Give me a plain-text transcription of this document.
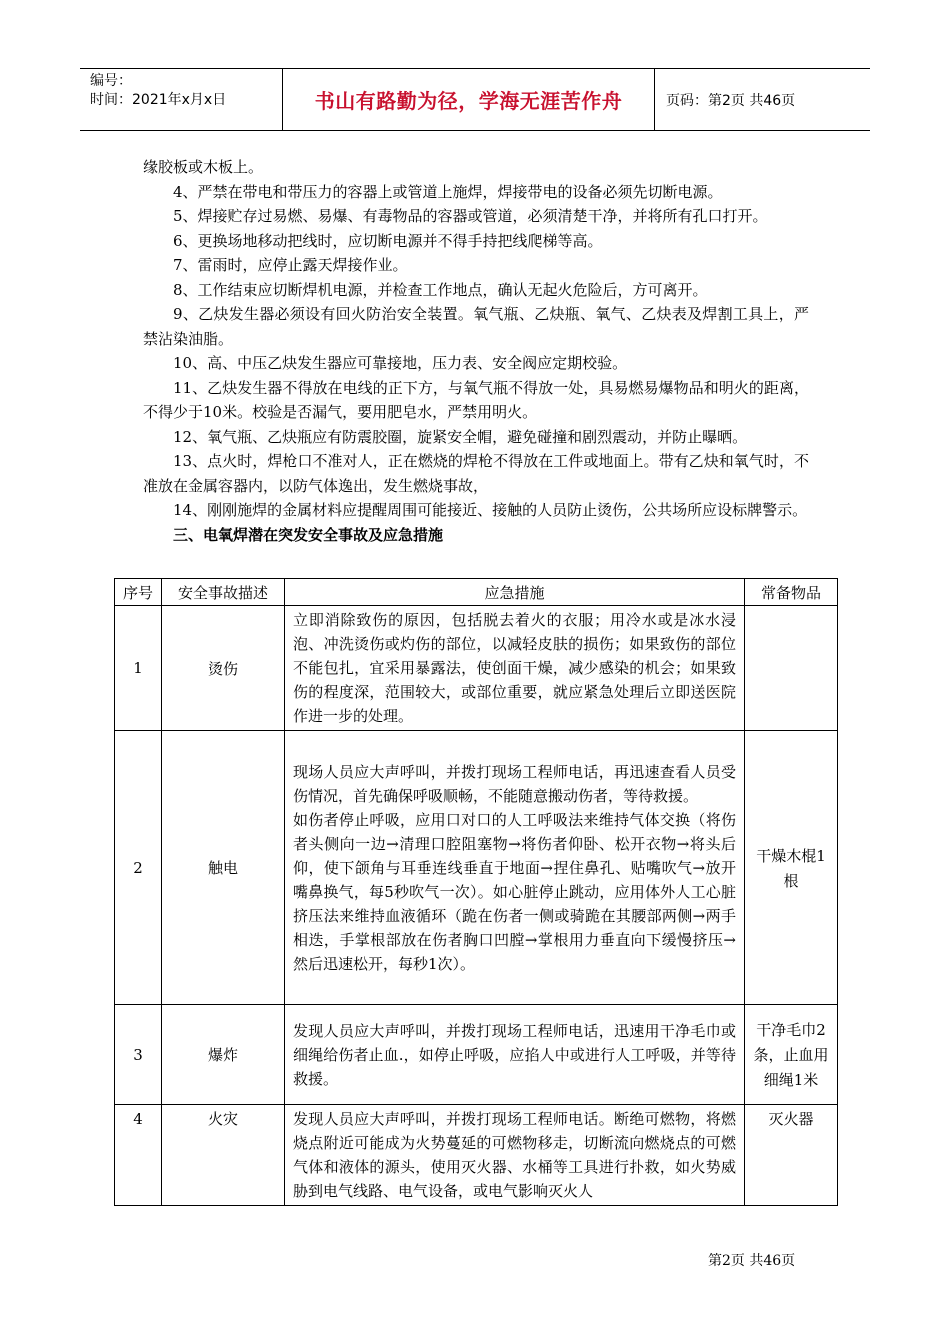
编号：
时间：2021年x月x日	书山有路勤为径，学海无涯苦作舟	页码：第2页 共46页

缘胶板或木板上。

4、严禁在带电和带压力的容器上或管道上施焊，焊接带电的设备必须先切断电源。

5、焊接贮存过易燃、易爆、有毒物品的容器或管道，必须清楚干净，并将所有孔口打开。

6、更换场地移动把线时，应切断电源并不得手持把线爬梯等高。

7、雷雨时，应停止露天焊接作业。

8、工作结束应切断焊机电源，并检查工作地点，确认无起火危险后，方可离开。

9、乙炔发生器必须设有回火防治安全装置。氧气瓶、乙炔瓶、氧气、乙炔表及焊割工具上，严禁沾染油脂。

10、高、中压乙炔发生器应可靠接地，压力表、安全阀应定期校验。

11、乙炔发生器不得放在电线的正下方，与氧气瓶不得放一处，具易燃易爆物品和明火的距离，不得少于10米。校验是否漏气，要用肥皂水，严禁用明火。

12、氧气瓶、乙炔瓶应有防震胶圈，旋紧安全帽，避免碰撞和剧烈震动，并防止曝晒。

13、点火时，焊枪口不准对人，正在燃烧的焊枪不得放在工件或地面上。带有乙炔和氧气时，不准放在金属容器内，以防气体逸出，发生燃烧事故，

14、刚刚施焊的金属材料应提醒周围可能接近、接触的人员防止烫伤，公共场所应设标牌警示。

三、电氧焊潜在突发安全事故及应急措施

序号	安全事故描述	应急措施	常备物品
1	烫伤	立即消除致伤的原因，包括脱去着火的衣服；用冷水或是冰水浸泡、冲洗烫伤或灼伤的部位，以减轻皮肤的损伤；如果致伤的部位不能包扎，宜采用暴露法，使创面干燥，减少感染的机会；如果致伤的程度深，范围较大，或部位重要，就应紧急处理后立即送医院作进一步的处理。	

2	触电	现场人员应大声呼叫，并拨打现场工程师电话，再迅速查看人员受伤情况，首先确保呼吸顺畅，不能随意搬动伤者，等待救援。
如伤者停止呼吸，应用口对口的人工呼吸法来维持气体交换（将伤者头侧向一边→清理口腔阻塞物→将伤者仰卧、松开衣物→将头后仰，使下颌角与耳垂连线垂直于地面→捏住鼻孔、贴嘴吹气→放开嘴鼻换气，每5秒吹气一次）。如心脏停止跳动，应用体外人工心脏挤压法来维持血液循环（跪在伤者一侧或骑跪在其腰部两侧→两手相迭，手掌根部放在伤者胸口凹膛→掌根用力垂直向下缓慢挤压→然后迅速松开，每秒1次）。	干燥木棍1根
3	爆炸	发现人员应大声呼叫，并拨打现场工程师电话，迅速用干净毛巾或细绳给伤者止血.，如停止呼吸，应掐人中或进行人工呼吸，并等待救援。	干净毛巾2条，止血用细绳1米
4	火灾	发现人员应大声呼叫，并拨打现场工程师电话。断绝可燃物，将燃烧点附近可能成为火势蔓延的可燃物移走，切断流向燃烧点的可燃气体和液体的源头，使用灭火器、水桶等工具进行扑救，如火势威胁到电气线路、电气设备，或电气影响灭火人	灭火器
第2页 共46页
